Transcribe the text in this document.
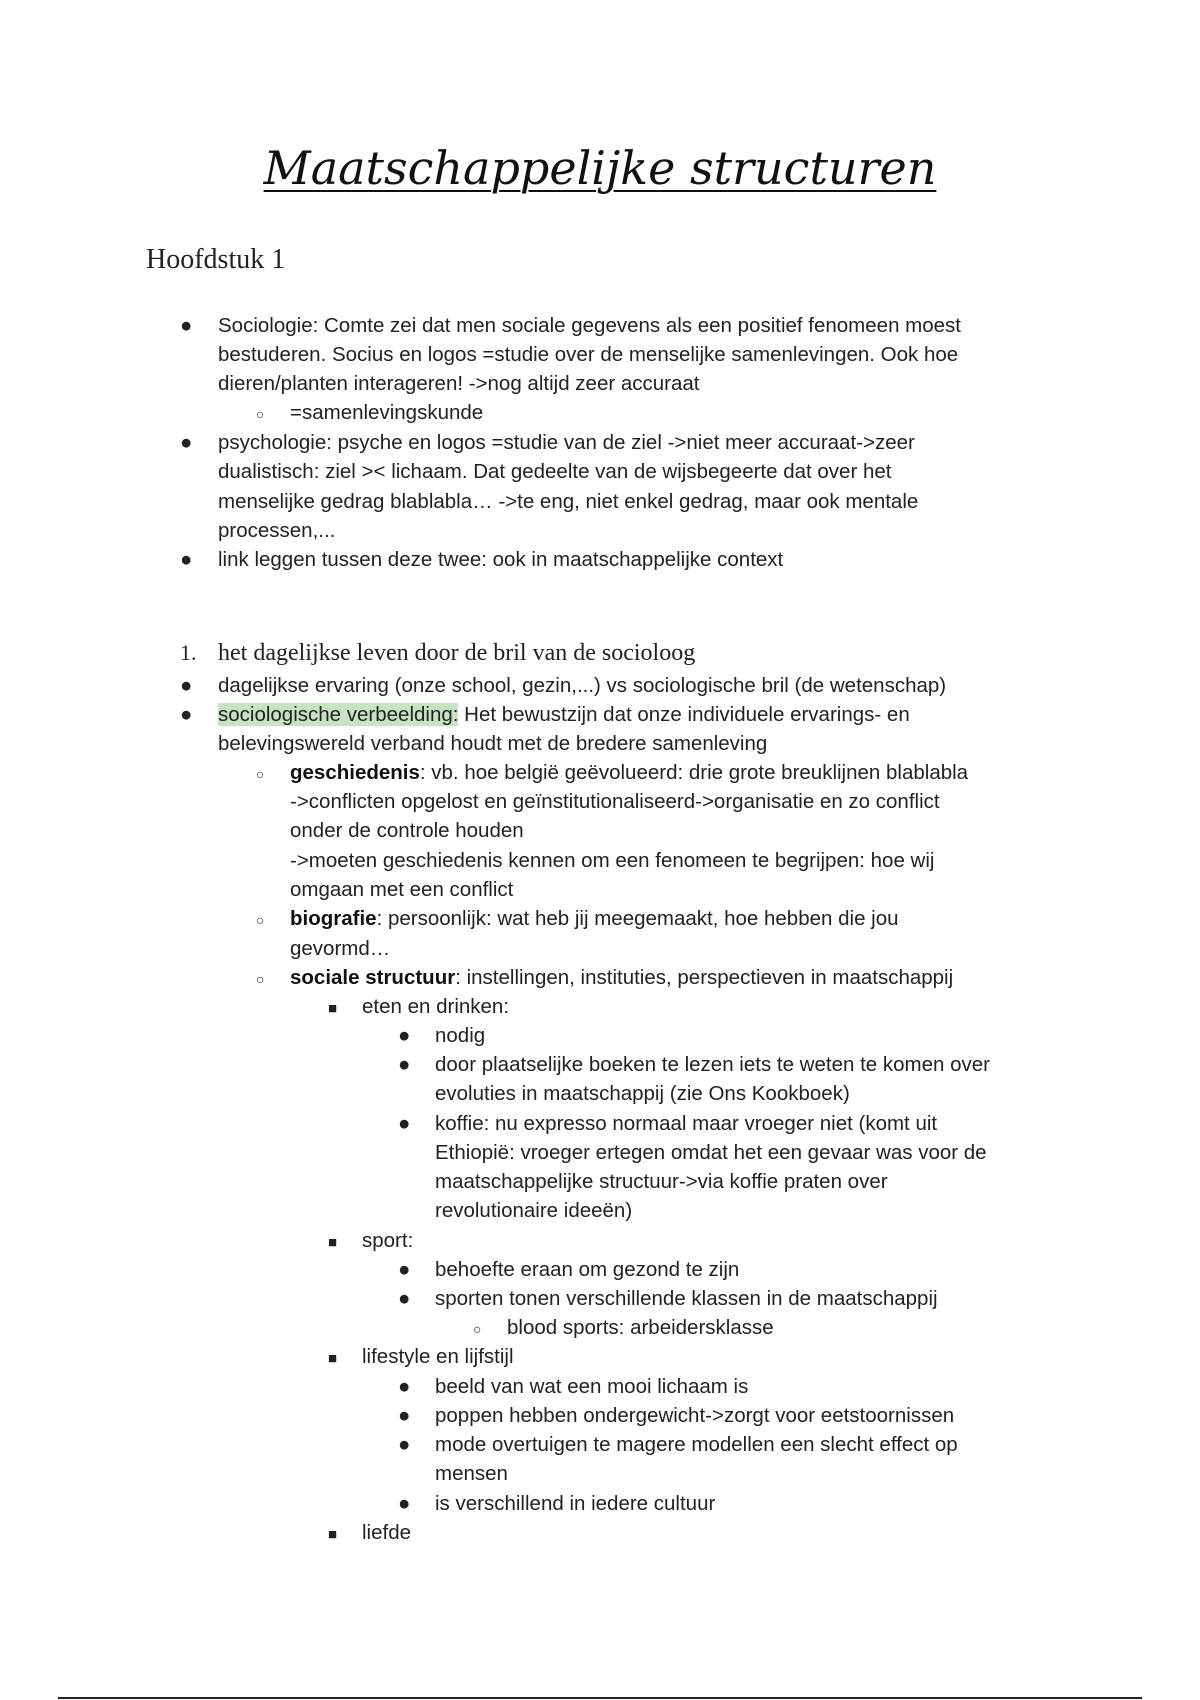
Maatschappelijke structuren
Hoofdstuk 1
● Sociologie: Comte zei dat men sociale gegevens als een positief fenomeen moest
bestuderen. Socius en logos =studie over de menselijke samenlevingen. Ook hoe
dieren/planten interageren! ->nog altijd zeer accuraat
○ =samenlevingskunde
● psychologie: psyche en logos =studie van de ziel ->niet meer accuraat->zeer
dualistisch: ziel >< lichaam. Dat gedeelte van de wijsbegeerte dat over het
menselijke gedrag blablabla… ->te eng, niet enkel gedrag, maar ook mentale
processen,...
● link leggen tussen deze twee: ook in maatschappelijke context
1. het dagelijkse leven door de bril van de socioloog
● dagelijkse ervaring (onze school, gezin,...) vs sociologische bril (de wetenschap)
● sociologische verbeelding: Het bewustzijn dat onze individuele ervarings- en
belevingswereld verband houdt met de bredere samenleving
○ geschiedenis: vb. hoe belgië geëvolueerd: drie grote breuklijnen blablabla
->conflicten opgelost en geïnstitutionaliseerd->organisatie en zo conflict
onder de controle houden
->moeten geschiedenis kennen om een fenomeen te begrijpen: hoe wij
omgaan met een conflict
○ biografie: persoonlijk: wat heb jij meegemaakt, hoe hebben die jou
gevormd…
○ sociale structuur: instellingen, instituties, perspectieven in maatschappij
■ eten en drinken:
● nodig
● door plaatselijke boeken te lezen iets te weten te komen over
evoluties in maatschappij (zie Ons Kookboek)
● koffie: nu expresso normaal maar vroeger niet (komt uit
Ethiopië: vroeger ertegen omdat het een gevaar was voor de
maatschappelijke structuur->via koffie praten over
revolutionaire ideeën)
■ sport:
● behoefte eraan om gezond te zijn
● sporten tonen verschillende klassen in de maatschappij
○ blood sports: arbeidersklasse
■ lifestyle en lijfstijl
● beeld van wat een mooi lichaam is
● poppen hebben ondergewicht->zorgt voor eetstoornissen
● mode overtuigen te magere modellen een slecht effect op
mensen
● is verschillend in iedere cultuur
■ liefde
